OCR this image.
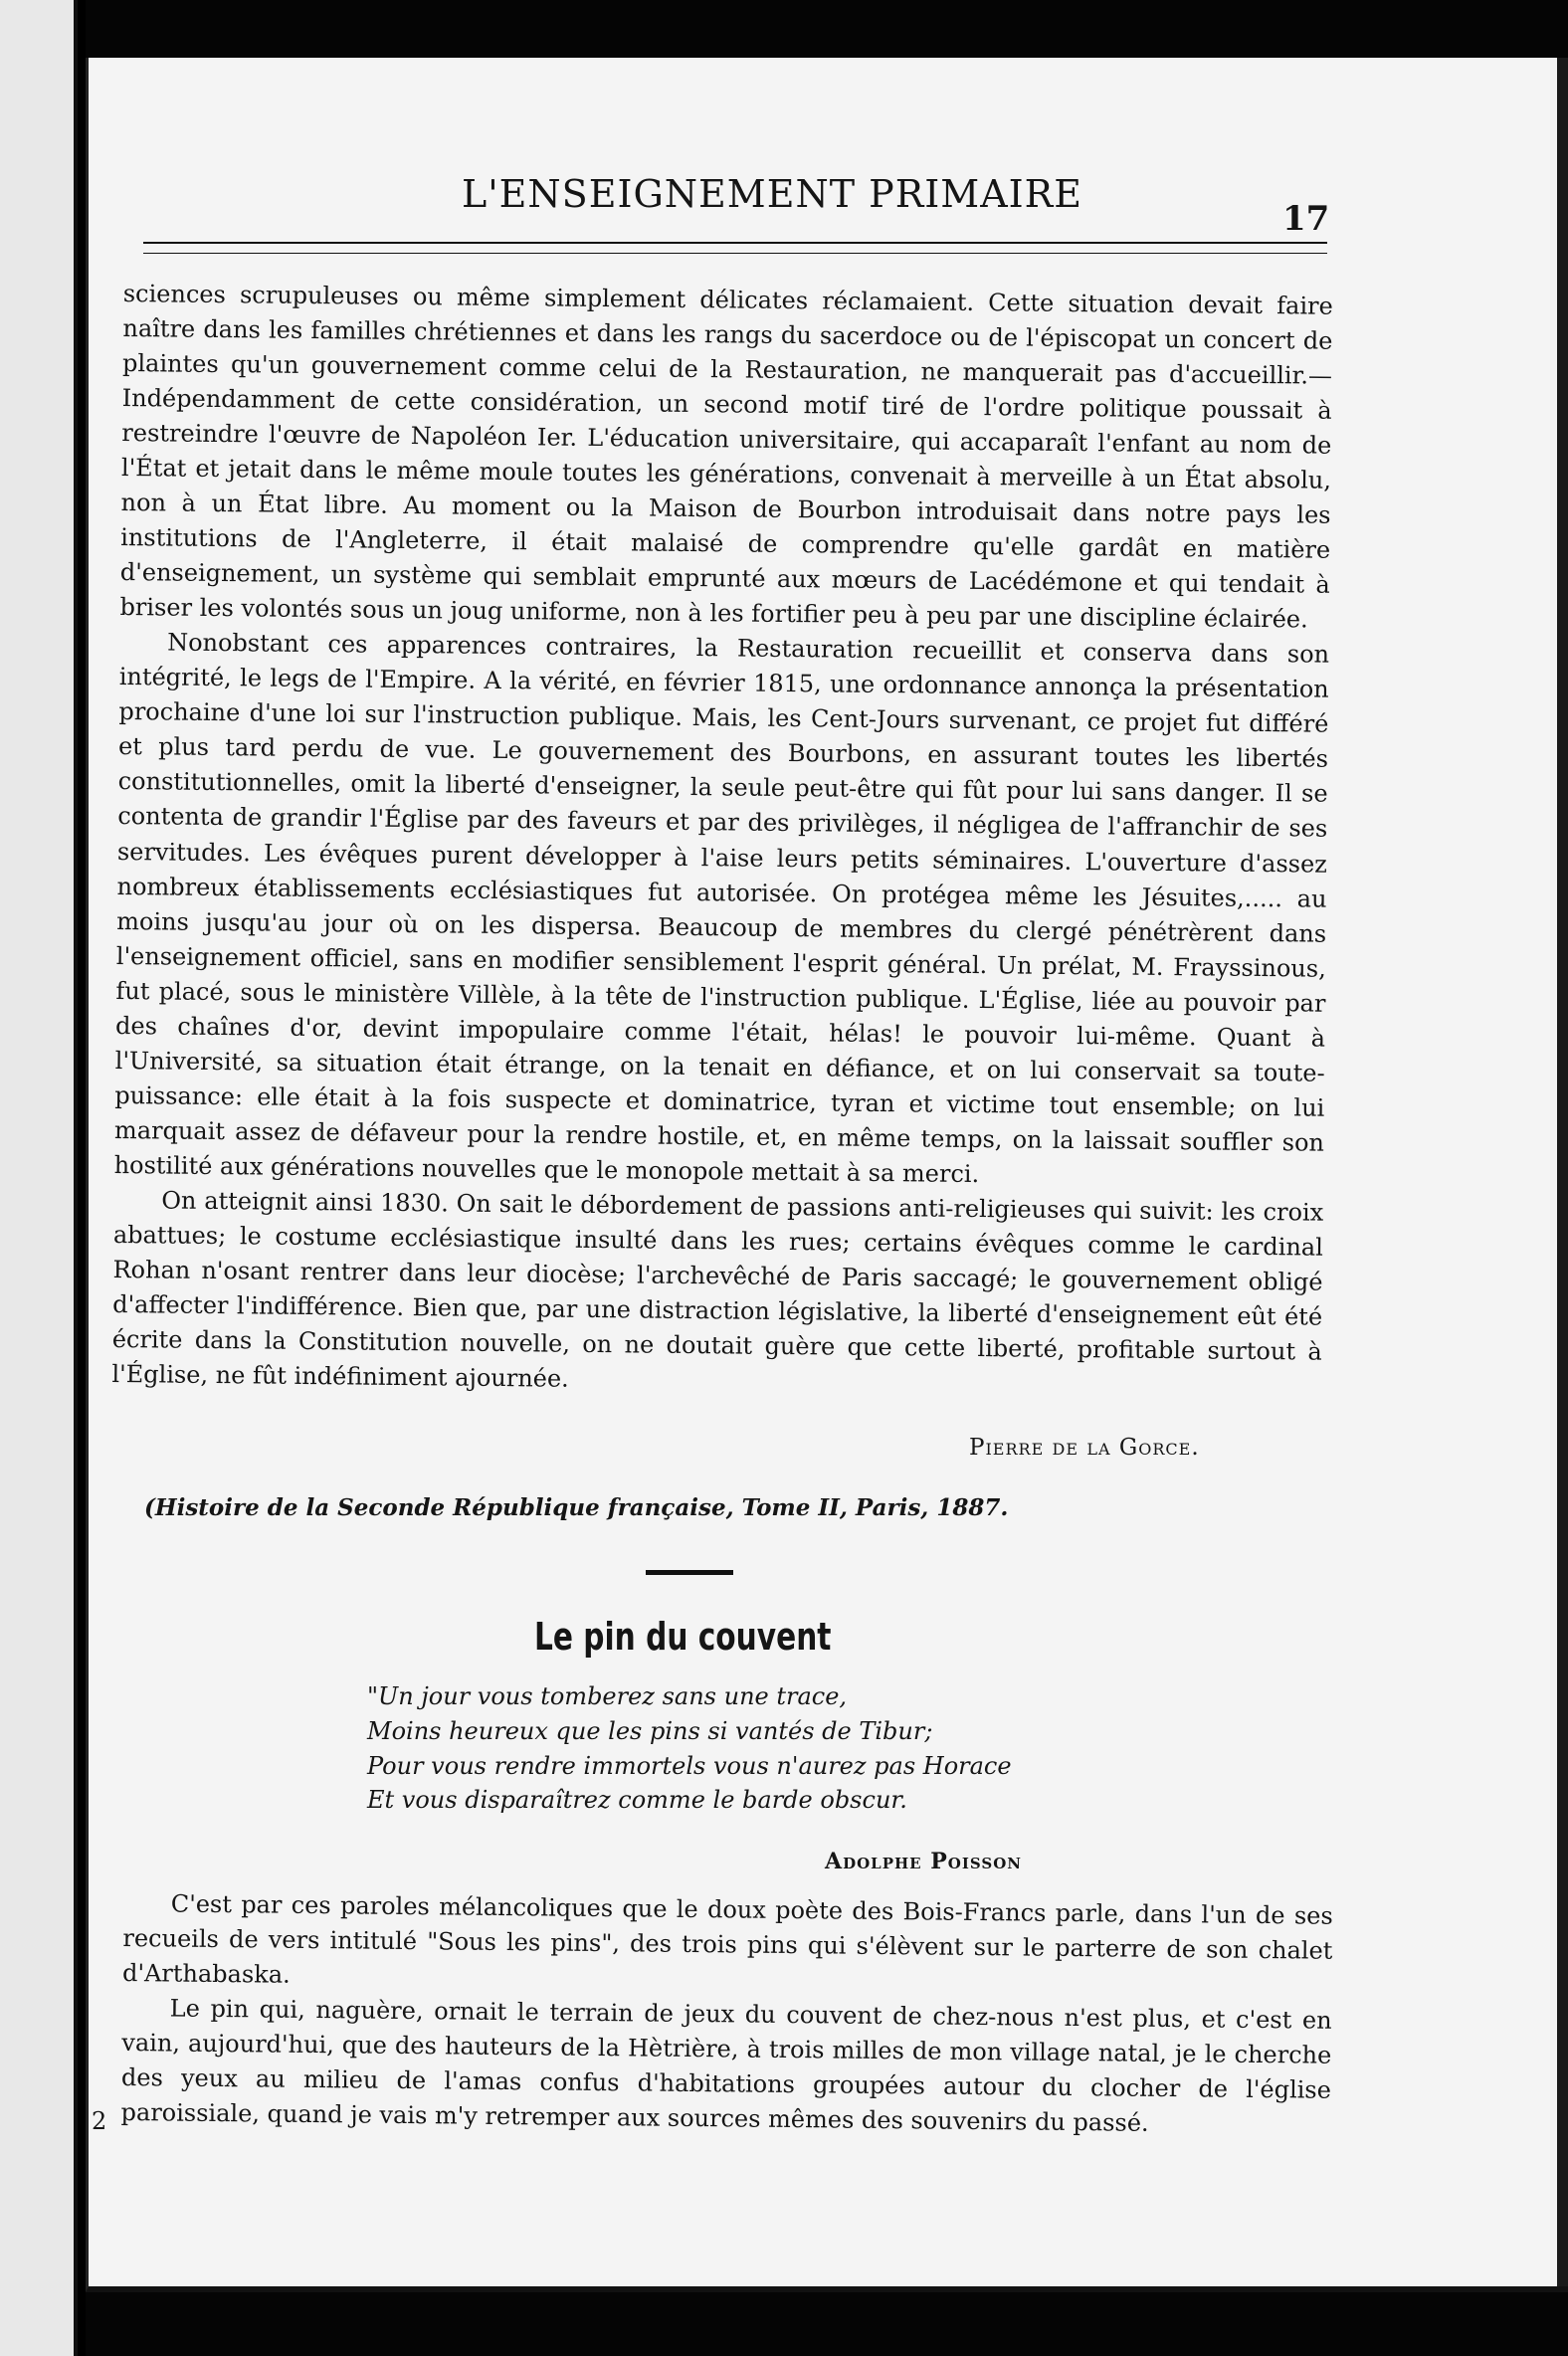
L'ENSEIGNEMENT PRIMAIRE
17

sciences scrupuleuses ou même simplement délicates réclamaient. Cette situation devait faire naître dans les familles chrétiennes et dans les rangs du sacerdoce ou de l'épiscopat un concert de plaintes qu'un gouvernement comme celui de la Restauration, ne manquerait pas d'accueillir.— Indépendamment de cette considération, un second motif tiré de l'ordre politique poussait à restreindre l'œuvre de Napoléon Ier. L'éducation universitaire, qui accaparaît l'enfant au nom de l'État et jetait dans le même moule toutes les générations, convenait à merveille à un État absolu, non à un État libre. Au moment ou la Maison de Bourbon introduisait dans notre pays les institutions de l'Angleterre, il était malaisé de comprendre qu'elle gardât en matière d'enseignement, un système qui semblait emprunté aux mœurs de Lacédémone et qui tendait à briser les volontés sous un joug uniforme, non à les fortifier peu à peu par une discipline éclairée.

Nonobstant ces apparences contraires, la Restauration recueillit et conserva dans son intégrité, le legs de l'Empire. A la vérité, en février 1815, une ordonnance annonça la présentation prochaine d'une loi sur l'instruction publique. Mais, les Cent-Jours survenant, ce projet fut différé et plus tard perdu de vue. Le gouvernement des Bourbons, en assurant toutes les libertés constitutionnelles, omit la liberté d'enseigner, la seule peut-être qui fût pour lui sans danger. Il se contenta de grandir l'Église par des faveurs et par des privilèges, il négligea de l'affranchir de ses servitudes. Les évêques purent développer à l'aise leurs petits séminaires. L'ouverture d'assez nombreux établissements ecclésiastiques fut autorisée. On protégea même les Jésuites,..... au moins jusqu'au jour où on les dispersa. Beaucoup de membres du clergé pénétrèrent dans l'enseignement officiel, sans en modifier sensiblement l'esprit général. Un prélat, M. Frayssinous, fut placé, sous le ministère Villèle, à la tête de l'instruction publique. L'Église, liée au pouvoir par des chaînes d'or, devint impopulaire comme l'était, hélas! le pouvoir lui-même. Quant à l'Université, sa situation était étrange, on la tenait en défiance, et on lui conservait sa toute-puissance: elle était à la fois suspecte et dominatrice, tyran et victime tout ensemble; on lui marquait assez de défaveur pour la rendre hostile, et, en même temps, on la laissait souffler son hostilité aux générations nouvelles que le monopole mettait à sa merci.

On atteignit ainsi 1830. On sait le débordement de passions anti-religieuses qui suivit: les croix abattues; le costume ecclésiastique insulté dans les rues; certains évêques comme le cardinal Rohan n'osant rentrer dans leur diocèse; l'archevêché de Paris saccagé; le gouvernement obligé d'affecter l'indifférence. Bien que, par une distraction législative, la liberté d'enseignement eût été écrite dans la Constitution nouvelle, on ne doutait guère que cette liberté, profitable surtout à l'Église, ne fût indéfiniment ajournée.

Pierre de la Gorce.
(Histoire de la Seconde République française, Tome II, Paris, 1887.
Le pin du couvent
"Un jour vous tomberez sans une trace,
Moins heureux que les pins si vantés de Tibur;
Pour vous rendre immortels vous n'aurez pas Horace
Et vous disparaîtrez comme le barde obscur.
Adolphe Poisson

C'est par ces paroles mélancoliques que le doux poète des Bois-Francs parle, dans l'un de ses recueils de vers intitulé "Sous les pins", des trois pins qui s'élèvent sur le parterre de son chalet d'Arthabaska.

Le pin qui, naguère, ornait le terrain de jeux du couvent de chez-nous n'est plus, et c'est en vain, aujourd'hui, que des hauteurs de la Hètrière, à trois milles de mon village natal, je le cherche des yeux au milieu de l'amas confus d'habitations groupées autour du clocher de l'église paroissiale, quand je vais m'y retremper aux sources mêmes des souvenirs du passé.

2
